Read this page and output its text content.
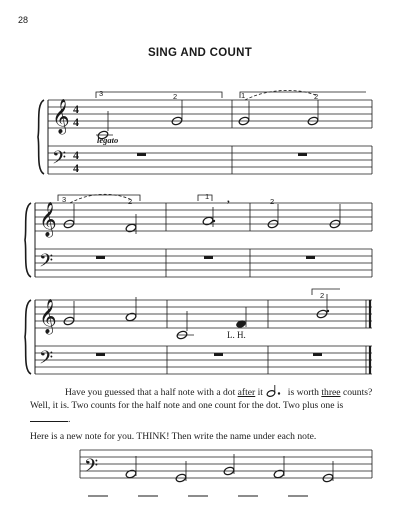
28
SING AND COUNT
𝄞
𝄢
𝄞
𝄢
𝄞
𝄢
𝄢
4
4
4
4
3	2	1	2
3	2
1
2
2
legato
,
L. H.
Have you guessed that a half note with a dot after it  is worth three counts? Well, it is. Two counts for the half note and one count for the dot. Two plus one is .
Here is a new note for you. THINK! Then write the name under each note.
